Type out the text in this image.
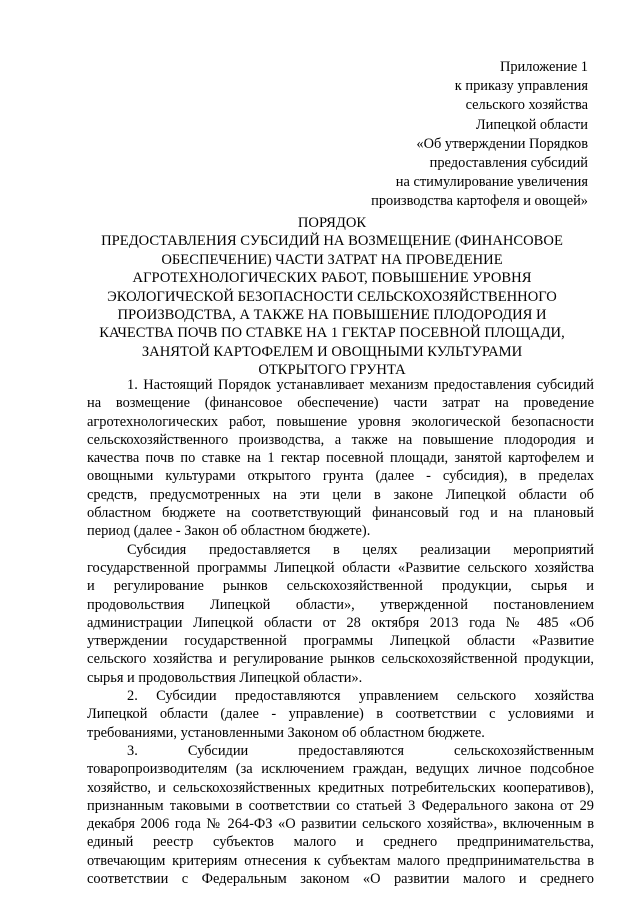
Приложение 1
к приказу управления
сельского хозяйства
Липецкой области
«Об утверждении Порядков
предоставления субсидий
на стимулирование увеличения
производства картофеля и овощей»
ПОРЯДОК
ПРЕДОСТАВЛЕНИЯ СУБСИДИЙ НА ВОЗМЕЩЕНИЕ (ФИНАНСОВОЕ
ОБЕСПЕЧЕНИЕ) ЧАСТИ ЗАТРАТ НА ПРОВЕДЕНИЕ
АГРОТЕХНОЛОГИЧЕСКИХ РАБОТ, ПОВЫШЕНИЕ УРОВНЯ
ЭКОЛОГИЧЕСКОЙ БЕЗОПАСНОСТИ СЕЛЬСКОХОЗЯЙСТВЕННОГО
ПРОИЗВОДСТВА, А ТАКЖЕ НА ПОВЫШЕНИЕ ПЛОДОРОДИЯ И
КАЧЕСТВА ПОЧВ ПО СТАВКЕ НА 1 ГЕКТАР ПОСЕВНОЙ ПЛОЩАДИ,
ЗАНЯТОЙ КАРТОФЕЛЕМ И ОВОЩНЫМИ КУЛЬТУРАМИ
ОТКРЫТОГО ГРУНТА

1. Настоящий Порядок устанавливает механизм предоставления субсидий
на возмещение (финансовое обеспечение) части затрат на проведение
агротехнологических работ, повышение уровня экологической безопасности
сельскохозяйственного производства, а также на повышение плодородия и
качества почв по ставке на 1 гектар посевной площади, занятой картофелем и
овощными культурами открытого грунта (далее - субсидия), в пределах
средств, предусмотренных на эти цели в законе Липецкой области об
областном бюджете на соответствующий финансовый год и на плановый
период (далее - Закон об областном бюджете).

Субсидия предоставляется в целях реализации мероприятий
государственной программы Липецкой области «Развитие сельского хозяйства
и регулирование рынков сельскохозяйственной продукции, сырья и
продовольствия Липецкой области», утвержденной постановлением
администрации Липецкой области от 28 октября 2013 года № 485 «Об
утверждении государственной программы Липецкой области «Развитие
сельского хозяйства и регулирование рынков сельскохозяйственной продукции,
сырья и продовольствия Липецкой области».

2. Субсидии предоставляются управлением сельского хозяйства
Липецкой области (далее - управление) в соответствии с условиями и
требованиями, установленными Законом об областном бюджете.

3. Субсидии предоставляются сельскохозяйственным
товаропроизводителям (за исключением граждан, ведущих личное подсобное
хозяйство, и сельскохозяйственных кредитных потребительских кооперативов),
признанным таковыми в соответствии со статьей 3 Федерального закона от 29
декабря 2006 года № 264-ФЗ «О развитии сельского хозяйства», включенным в
единый реестр субъектов малого и среднего предпринимательства,
отвечающим критериям отнесения к субъектам малого предпринимательства в
соответствии с Федеральным законом «О развитии малого и среднего
